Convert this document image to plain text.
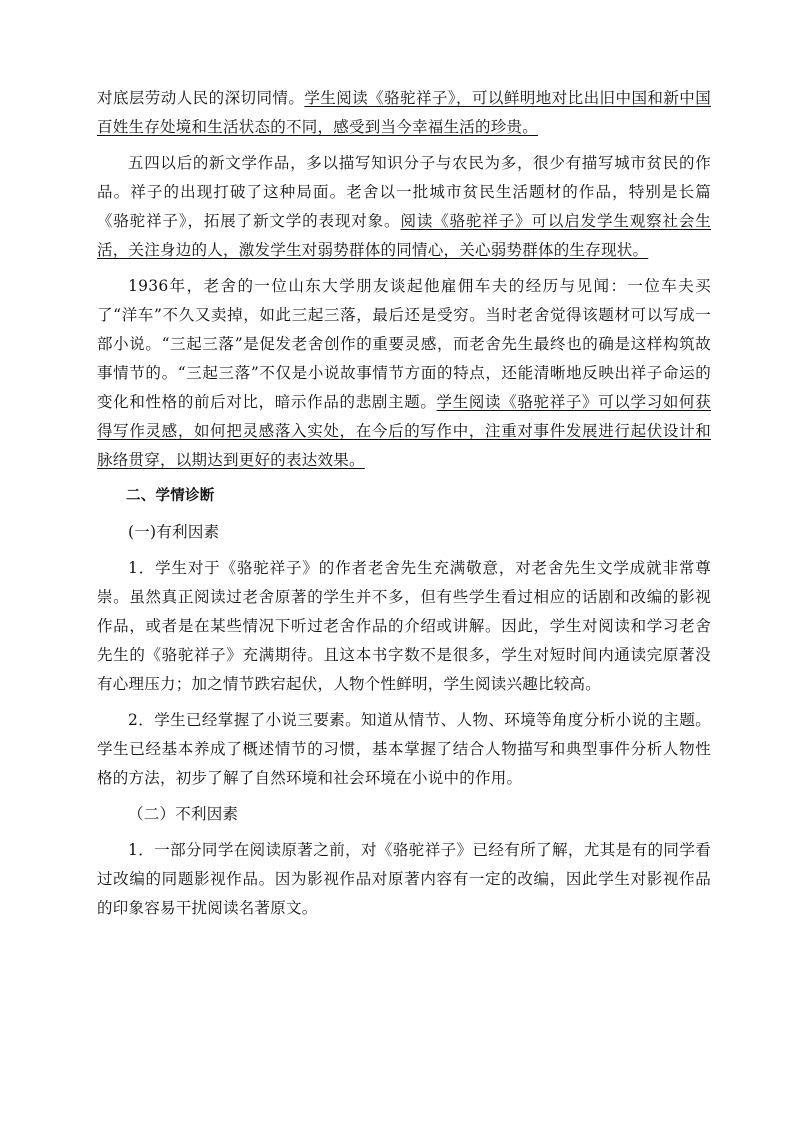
对底层劳动人民的深切同情。学生阅读《骆驼祥子》，可以鲜明地对比出旧中国和新中国百姓生存处境和生活状态的不同，感受到当今幸福生活的珍贵。

五四以后的新文学作品，多以描写知识分子与农民为多，很少有描写城市贫民的作品。祥子的出现打破了这种局面。老舍以一批城市贫民生活题材的作品，特别是长篇《骆驼祥子》，拓展了新文学的表现对象。阅读《骆驼祥子》可以启发学生观察社会生活，关注身边的人，激发学生对弱势群体的同情心，关心弱势群体的生存现状。

1936年，老舍的一位山东大学朋友谈起他雇佣车夫的经历与见闻：一位车夫买了“洋车”不久又卖掉，如此三起三落，最后还是受穷。当时老舍觉得该题材可以写成一部小说。“三起三落”是促发老舍创作的重要灵感，而老舍先生最终也的确是这样构筑故事情节的。“三起三落”不仅是小说故事情节方面的特点，还能清晰地反映出祥子命运的变化和性格的前后对比，暗示作品的悲剧主题。学生阅读《骆驼祥子》可以学习如何获得写作灵感，如何把灵感落入实处，在今后的写作中，注重对事件发展进行起伏设计和脉络贯穿，以期达到更好的表达效果。

二、学情诊断

(一)有利因素

1．学生对于《骆驼祥子》的作者老舍先生充满敬意，对老舍先生文学成就非常尊崇。虽然真正阅读过老舍原著的学生并不多，但有些学生看过相应的话剧和改编的影视作品，或者是在某些情况下听过老舍作品的介绍或讲解。因此，学生对阅读和学习老舍先生的《骆驼祥子》充满期待。且这本书字数不是很多，学生对短时间内通读完原著没有心理压力；加之情节跌宕起伏，人物个性鲜明，学生阅读兴趣比较高。

2．学生已经掌握了小说三要素。知道从情节、人物、环境等角度分析小说的主题。学生已经基本养成了概述情节的习惯，基本掌握了结合人物描写和典型事件分析人物性格的方法，初步了解了自然环境和社会环境在小说中的作用。

（二）不利因素

1．一部分同学在阅读原著之前，对《骆驼祥子》已经有所了解，尤其是有的同学看过改编的同题影视作品。因为影视作品对原著内容有一定的改编，因此学生对影视作品的印象容易干扰阅读名著原文。
